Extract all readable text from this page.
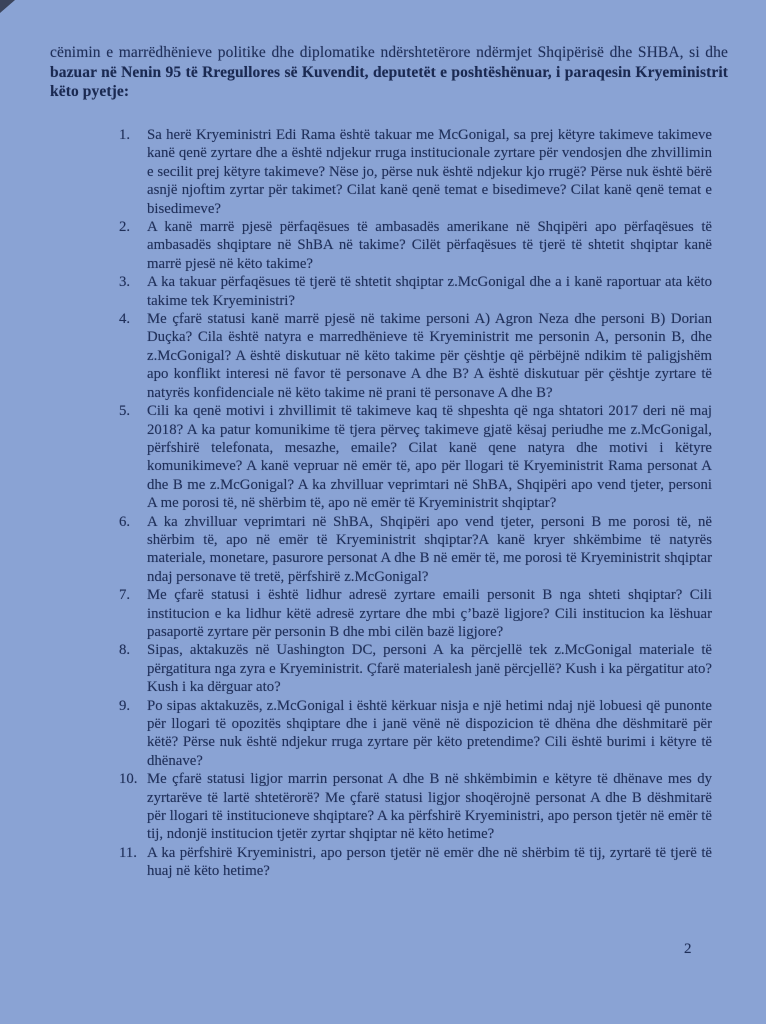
cënimin e marrëdhënieve politike dhe diplomatike ndërshtetërore ndërmjet Shqipërisë dhe SHBA, si dhe bazuar në Nenin 95 të Rregullores së Kuvendit, deputetët e poshtëshënuar, i paraqesin Kryeministrit këto pyetje:

1. Sa herë Kryeministri Edi Rama është takuar me McGonigal, sa prej këtyre takimeve takimeve kanë qenë zyrtare dhe a është ndjekur rruga institucionale zyrtare për vendosjen dhe zhvillimin e secilit prej këtyre takimeve? Nëse jo, përse nuk është ndjekur kjo rrugë? Përse nuk është bërë asnjë njoftim zyrtar për takimet? Cilat kanë qenë temat e bisedimeve? Cilat kanë qenë temat e bisedimeve?
2. A kanë marrë pjesë përfaqësues të ambasadës amerikane në Shqipëri apo përfaqësues të ambasadës shqiptare në ShBA në takime? Cilët përfaqësues të tjerë të shtetit shqiptar kanë marrë pjesë në këto takime?
3. A ka takuar përfaqësues të tjerë të shtetit shqiptar z.McGonigal dhe a i kanë raportuar ata këto takime tek Kryeministri?
4. Me çfarë statusi kanë marrë pjesë në takime personi A) Agron Neza dhe personi B) Dorian Duçka? Cila është natyra e marredhënieve të Kryeministrit me personin A, personin B, dhe z.McGonigal? A është diskutuar në këto takime për çështje që përbëjnë ndikim të paligjshëm apo konflikt interesi në favor të personave A dhe B? A është diskutuar për çështje zyrtare të natyrës konfidenciale në këto takime në prani të personave A dhe B?
5. Cili ka qenë motivi i zhvillimit të takimeve kaq të shpeshta që nga shtatori 2017 deri në maj 2018? A ka patur komunikime të tjera përveç takimeve gjatë kësaj periudhe me z.McGonigal, përfshirë telefonata, mesazhe, emaile? Cilat kanë qene natyra dhe motivi i këtyre komunikimeve? A kanë vepruar në emër të, apo për llogari të Kryeministrit Rama personat A dhe B me z.McGonigal? A ka zhvilluar veprimtari në ShBA, Shqipëri apo vend tjeter, personi A me porosi të, në shërbim të, apo në emër të Kryeministrit shqiptar?
6. A ka zhvilluar veprimtari në ShBA, Shqipëri apo vend tjeter, personi B me porosi të, në shërbim të, apo në emër të Kryeministrit shqiptar?A kanë kryer shkëmbime të natyrës materiale, monetare, pasurore personat A dhe B në emër të, me porosi të Kryeministrit shqiptar ndaj personave të tretë, përfshirë z.McGonigal?
7. Me çfarë statusi i është lidhur adresë zyrtare emaili personit B nga shteti shqiptar? Cili institucion e ka lidhur këtë adresë zyrtare dhe mbi ç’bazë ligjore? Cili institucion ka lëshuar pasaportë zyrtare për personin B dhe mbi cilën bazë ligjore?
8. Sipas, aktakuzës në Uashington DC, personi A ka përcjellë tek z.McGonigal materiale të përgatitura nga zyra e Kryeministrit. Çfarë materialesh janë përcjellë? Kush i ka përgatitur ato? Kush i ka dërguar ato?
9. Po sipas aktakuzës, z.McGonigal i është kërkuar nisja e një hetimi ndaj një lobuesi që punonte për llogari të opozitës shqiptare dhe i janë vënë në dispozicion të dhëna dhe dëshmitarë për këtë? Përse nuk është ndjekur rruga zyrtare për këto pretendime? Cili është burimi i këtyre të dhënave?
10. Me çfarë statusi ligjor marrin personat A dhe B në shkëmbimin e këtyre të dhënave mes dy zyrtarëve të lartë shtetërorë? Me çfarë statusi ligjor shoqërojnë personat A dhe B dëshmitarë për llogari të institucioneve shqiptare? A ka përfshirë Kryeministri, apo person tjetër në emër të tij, ndonjë institucion tjetër zyrtar shqiptar në këto hetime?
11. A ka përfshirë Kryeministri, apo person tjetër në emër dhe në shërbim të tij, zyrtarë të tjerë të huaj në këto hetime?
2
